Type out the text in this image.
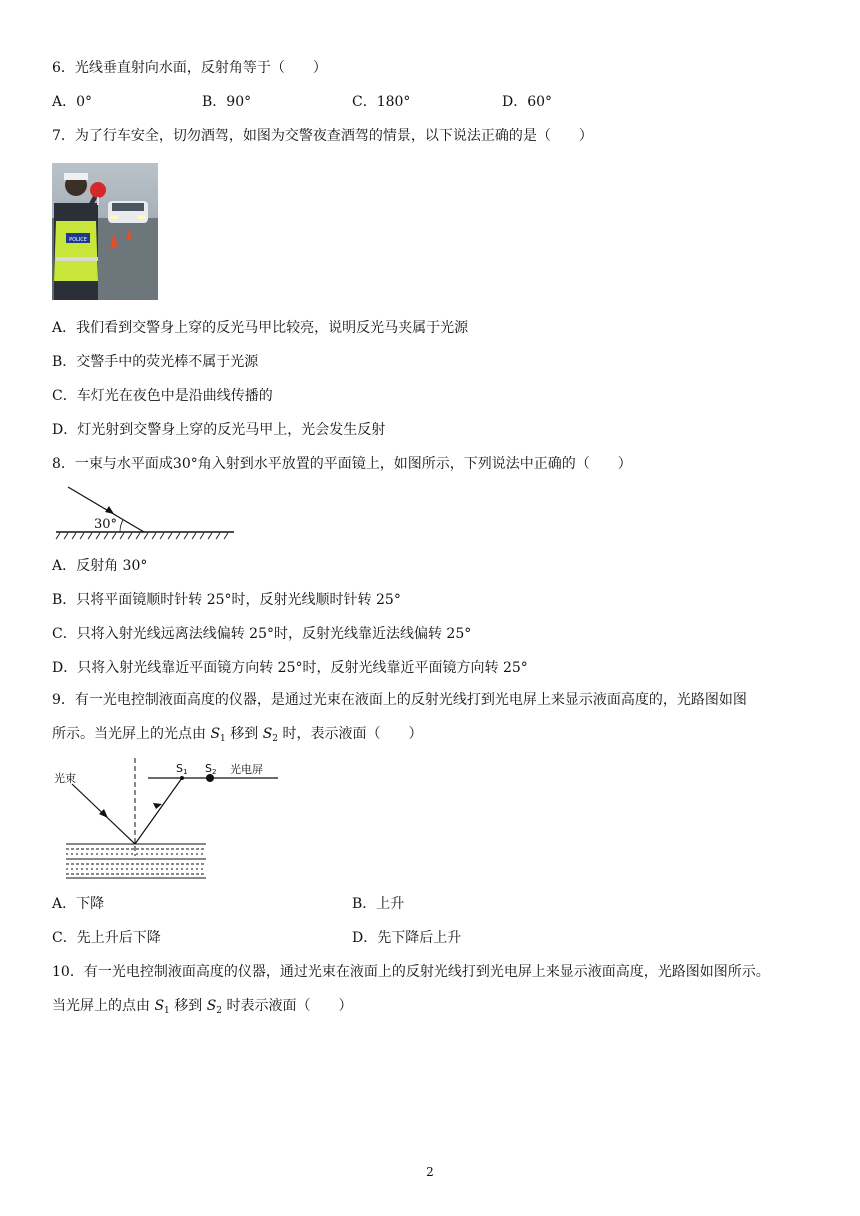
6．光线垂直射向水面，反射角等于（　　）
A．0°	B．90°	C．180°	D．60°
7．为了行车安全，切勿酒驾，如图为交警夜查酒驾的情景，以下说法正确的是（　　）
POLICE
A．我们看到交警身上穿的反光马甲比较亮，说明反光马夹属于光源
B．交警手中的荧光棒不属于光源
C．车灯光在夜色中是沿曲线传播的
D．灯光射到交警身上穿的反光马甲上，光会发生反射
8．一束与水平面成30°角入射到水平放置的平面镜上，如图所示，下列说法中正确的（　　）
30°
A．反射角 30°
B．只将平面镜顺时针转 25°时，反射光线顺时针转 25°
C．只将入射光线远离法线偏转 25°时，反射光线靠近法线偏转 25°
D．只将入射光线靠近平面镜方向转 25°时，反射光线靠近平面镜方向转 25°
9．有一光电控制液面高度的仪器，是通过光束在液面上的反射光线打到光电屏上来显示液面高度的，光路图如图
所示。当光屏上的光点由 $S_1$ 移到 $S_2$ 时，表示液面（　　）
S1 S2 光电屏
光束
A．下降	B．上升
C．先上升后下降	D．先下降后上升
10．有一光电控制液面高度的仪器，通过光束在液面上的反射光线打到光电屏上来显示液面高度，光路图如图所示。
当光屏上的点由 $S_1$ 移到 $S_2$ 时表示液面（　　）
2
